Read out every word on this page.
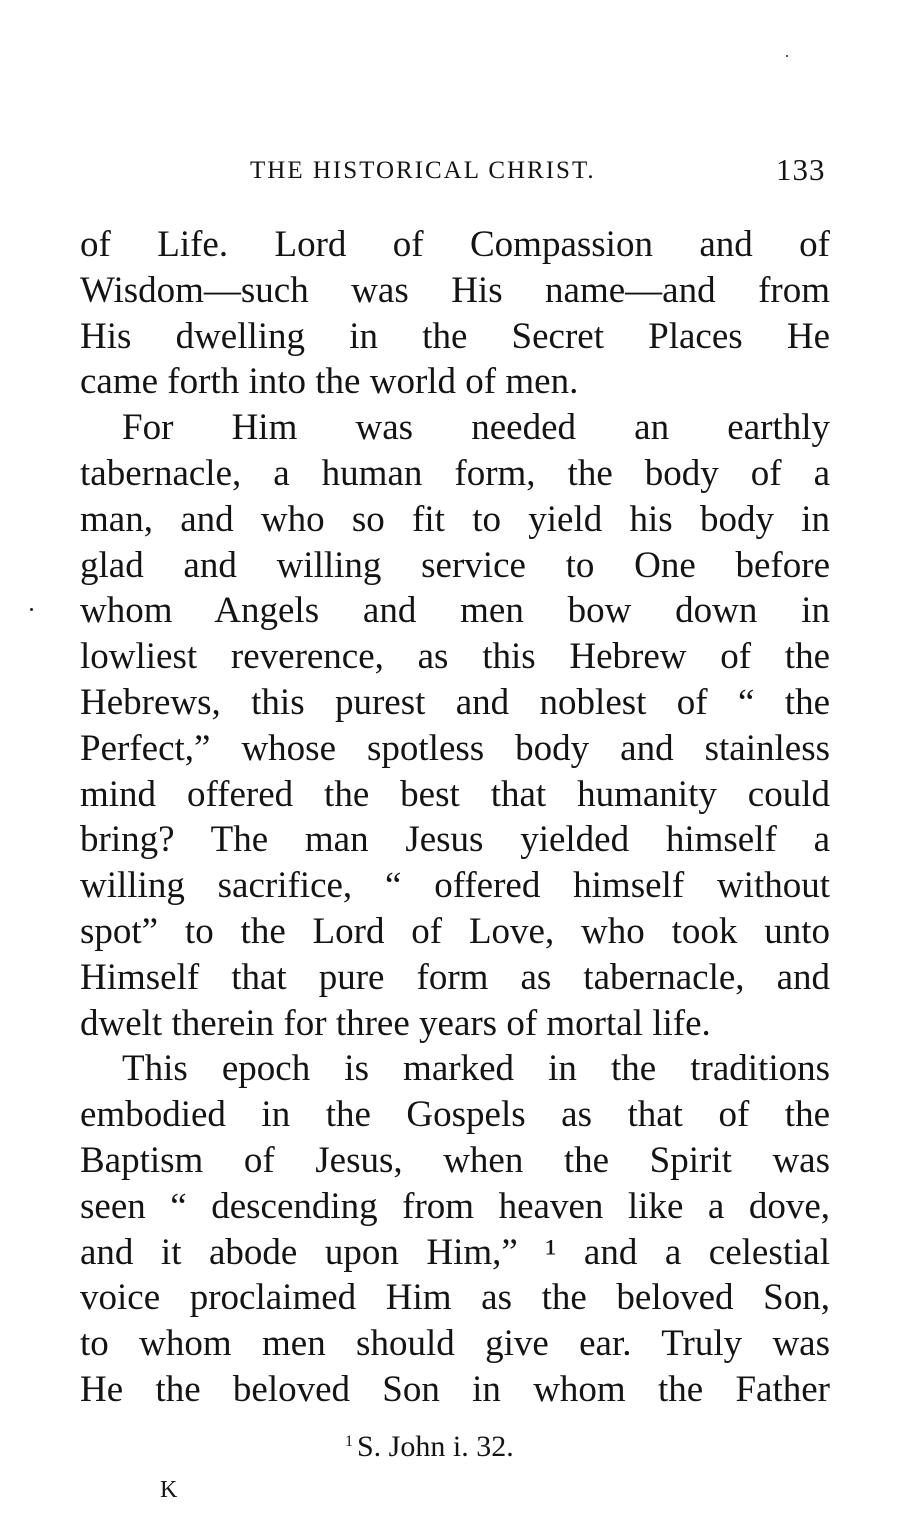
THE HISTORICAL CHRIST.	133
of Life. Lord of Compassion and of
Wisdom—such was His name—and from
His dwelling in the Secret Places He
came forth into the world of men.
For Him was needed an earthly
tabernacle, a human form, the body of a
man, and who so fit to yield his body in
glad and willing service to One before
whom Angels and men bow down in
lowliest reverence, as this Hebrew of the
Hebrews, this purest and noblest of “ the
Perfect,” whose spotless body and stainless
mind offered the best that humanity could
bring? The man Jesus yielded himself a
willing sacrifice, “ offered himself without
spot” to the Lord of Love, who took unto
Himself that pure form as tabernacle, and
dwelt therein for three years of mortal life.
This epoch is marked in the traditions
embodied in the Gospels as that of the
Baptism of Jesus, when the Spirit was
seen “ descending from heaven like a dove,
and it abode upon Him,” ¹ and a celestial
voice proclaimed Him as the beloved Son,
to whom men should give ear. Truly was
He the beloved Son in whom the Father
$^1$ S. John i. 32.
K
